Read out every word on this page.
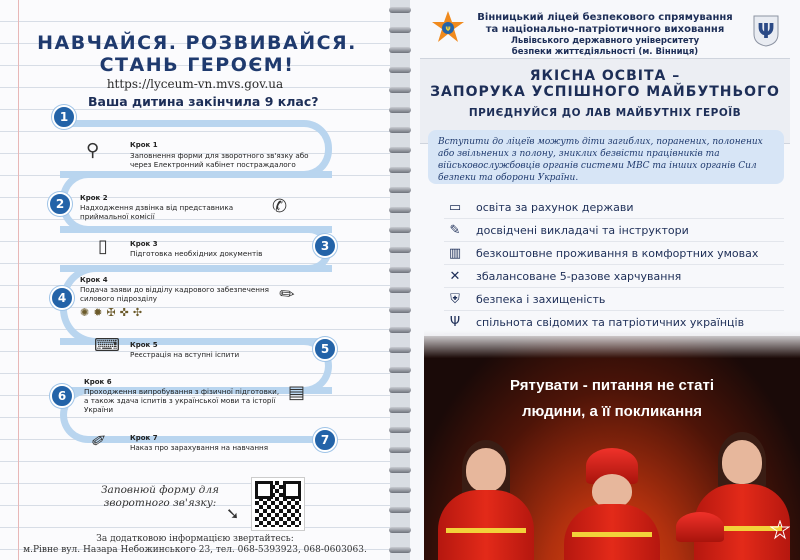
НАВЧАЙСЯ. РОЗВИВАЙСЯ.
СТАНЬ ГЕРОЄМ!
https://lyceum-vn.mvs.gov.ua
Ваша дитина закінчила 9 клас?
1
2
3
4
5
6
7
⚲	Крок 1
Заповнення форми для зворотного зв'язку або через Електронний кабінет постраждалого
Крок 2
Надходження дзвінка від представника приймальної комісії	✆
▯	Крок 3
Підготовка необхідних документів
Крок 4
Подача заяви до відділу кадрового забезпечення силового підрозділу
✺✹✠✜✣
✎
⌨ Крок 5
Реєстрація на вступні іспити
Крок 6
Проходження випробування з фізичної підготовки, а також здача іспитів з української мови та історії України
▤
✏	Крок 7
Наказ про зарахування на навчання
Заповнюй форму для зворотного зв'язку:
➘
За додатковою інформацією звертайтесь:
м.Рівне вул. Назара Небожинського 23, тел. 068-5393923, 068-0603063.
Ψ	Ψ
Вінницький ліцей безпекового спрямування
та національно-патріотичного виховання
Львівського державного університету
безпеки життєдіяльності (м. Вінниця)
ЯКІСНА ОСВІТА –
ЗАПОРУКА УСПІШНОГО МАЙБУТНЬОГО
ПРИЄДНУЙСЯ ДО ЛАВ МАЙБУТНІХ ГЕРОЇВ
Вступити до ліцеїв можуть діти загиблих, поранених, полонених або звільнених з полону, зниклих безвісти працівників та військовослужбовців органів системи МВС та інших органів Сил безпеки та оборони України.
▭	освіта за рахунок держави
✎	досвідчені викладачі та інструктори
▥	безкоштовне проживання в комфортних умовах
✕	збалансоване 5-разове харчування
⛨	безпека і захищеність
Ψ	спільнота свідомих та патріотичних українців
Рятувати - питання не статі
людини, а її покликання
